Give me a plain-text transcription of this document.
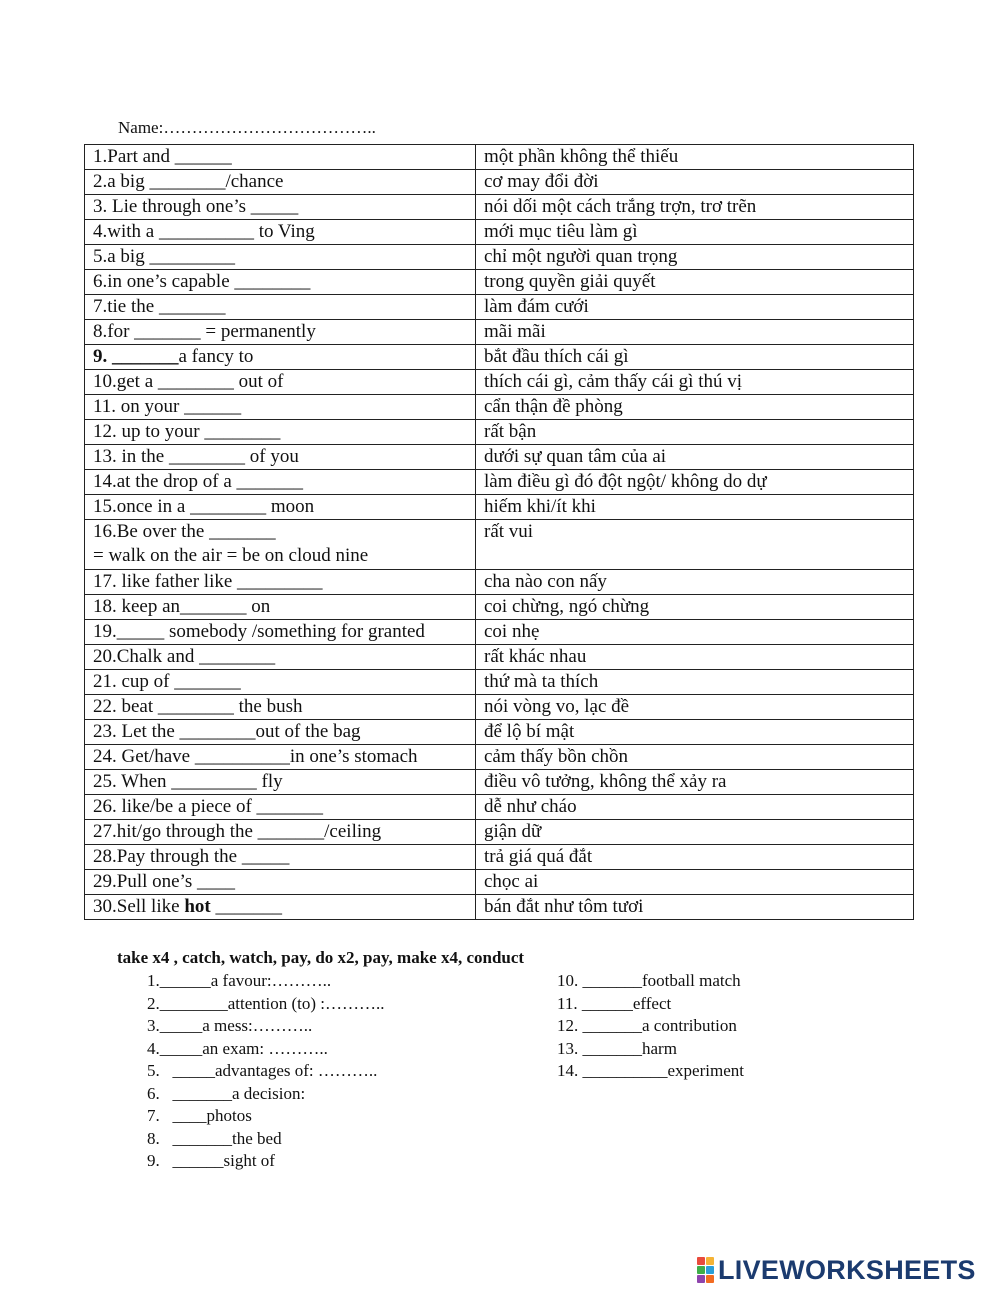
Name:………………………………..
1.Part and ______	một phần không thể thiếu
2.a big ________/chance	cơ may đổi đời
3. Lie through one’s _____	nói dối một cách trắng trợn, trơ trẽn
4.with a __________ to Ving	mới mục tiêu làm gì
5.a big _________	chỉ một người quan trọng
6.in one’s capable ________	trong quyền giải quyết
7.tie the _______	làm đám cưới
8.for _______ = permanently	mãi mãi
9. _______a fancy to	bắt đầu thích cái gì
10.get a ________ out of	thích cái gì, cảm thấy cái gì thú vị
11. on your ______	cẩn thận đề phòng
12. up to your ________	rất bận
13. in the ________ of you	dưới sự quan tâm của ai
14.at the drop of a _______	làm điều gì đó đột ngột/ không do dự
15.once in a ________ moon	hiếm khi/ít khi
16.Be over the _______
= walk on the air = be on cloud nine	rất vui
17. like father like _________	cha nào con nấy
18. keep an_______ on	coi chừng, ngó chừng
19._____ somebody /something for granted	coi nhẹ
20.Chalk and ________	rất khác nhau
21. cup of _______	thứ mà ta thích
22. beat ________ the bush	nói vòng vo, lạc đề
23. Let the ________out of the bag	để lộ bí mật
24. Get/have __________in one’s stomach	cảm thấy bồn chồn
25. When _________ fly	điều vô tưởng, không thể xảy ra
26. like/be a piece of _______	dễ như cháo
27.hit/go through the _______/ceiling	giận dữ
28.Pay through the _____	trả giá quá đắt
29.Pull one’s ____	chọc ai
30.Sell like hot _______	bán đắt như tôm tươi
take x4 , catch, watch, pay, do x2, pay, make x4, conduct
1.______a favour:………..
2.________attention (to) :………..
3._____a mess:………..
4._____an exam: ………..
5.   _____advantages of: ………..
6.   _______a decision:
7.   ____photos
8.   _______the bed
9.   ______sight of
10. _______football match
11. ______effect
12. _______a contribution
13. _______harm
14. __________experiment
LIVEWORKSHEETS
